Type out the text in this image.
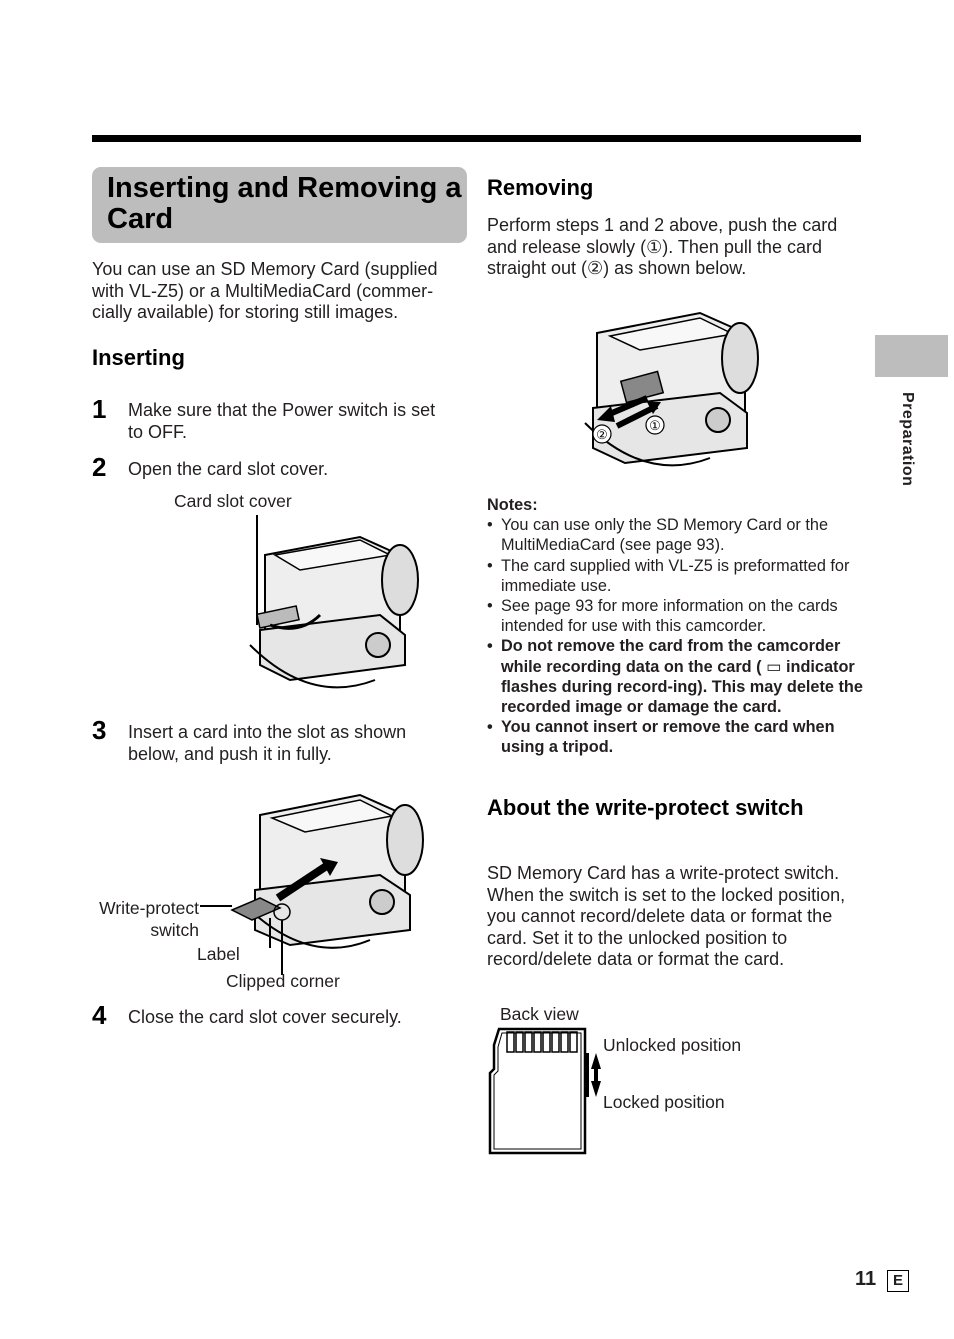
Inserting and Removing a Card
You can use an SD Memory Card (supplied with VL-Z5) or a MultiMediaCard (commer-cially available) for storing still images.
Inserting
1 Make sure that the Power switch is set to OFF.
2 Open the card slot cover.
Card slot cover
3 Insert a card into the slot as shown below, and push it in fully.
Write-protect switch
Label
Clipped corner
4 Close the card slot cover securely.
Removing
Perform steps 1 and 2 above, push the card and release slowly (①). Then pull the card straight out (②) as shown below.
②
①
Notes:
• You can use only the SD Memory Card or the MultiMediaCard (see page 93).
• The card supplied with VL-Z5 is preformatted for immediate use.
• See page 93 for more information on the cards intended for use with this camcorder.
• Do not remove the card from the camcorder while recording data on the card ( ▭ indicator flashes during record-ing). This may delete the recorded image or damage the card.
• You cannot insert or remove the card when using a tripod.
About the write-protect switch
SD Memory Card has a write-protect switch. When the switch is set to the locked position, you cannot record/delete data or format the card. Set it to the unlocked position to record/delete data or format the card.
Back view
Unlocked position
Locked position
Preparation
11	E
